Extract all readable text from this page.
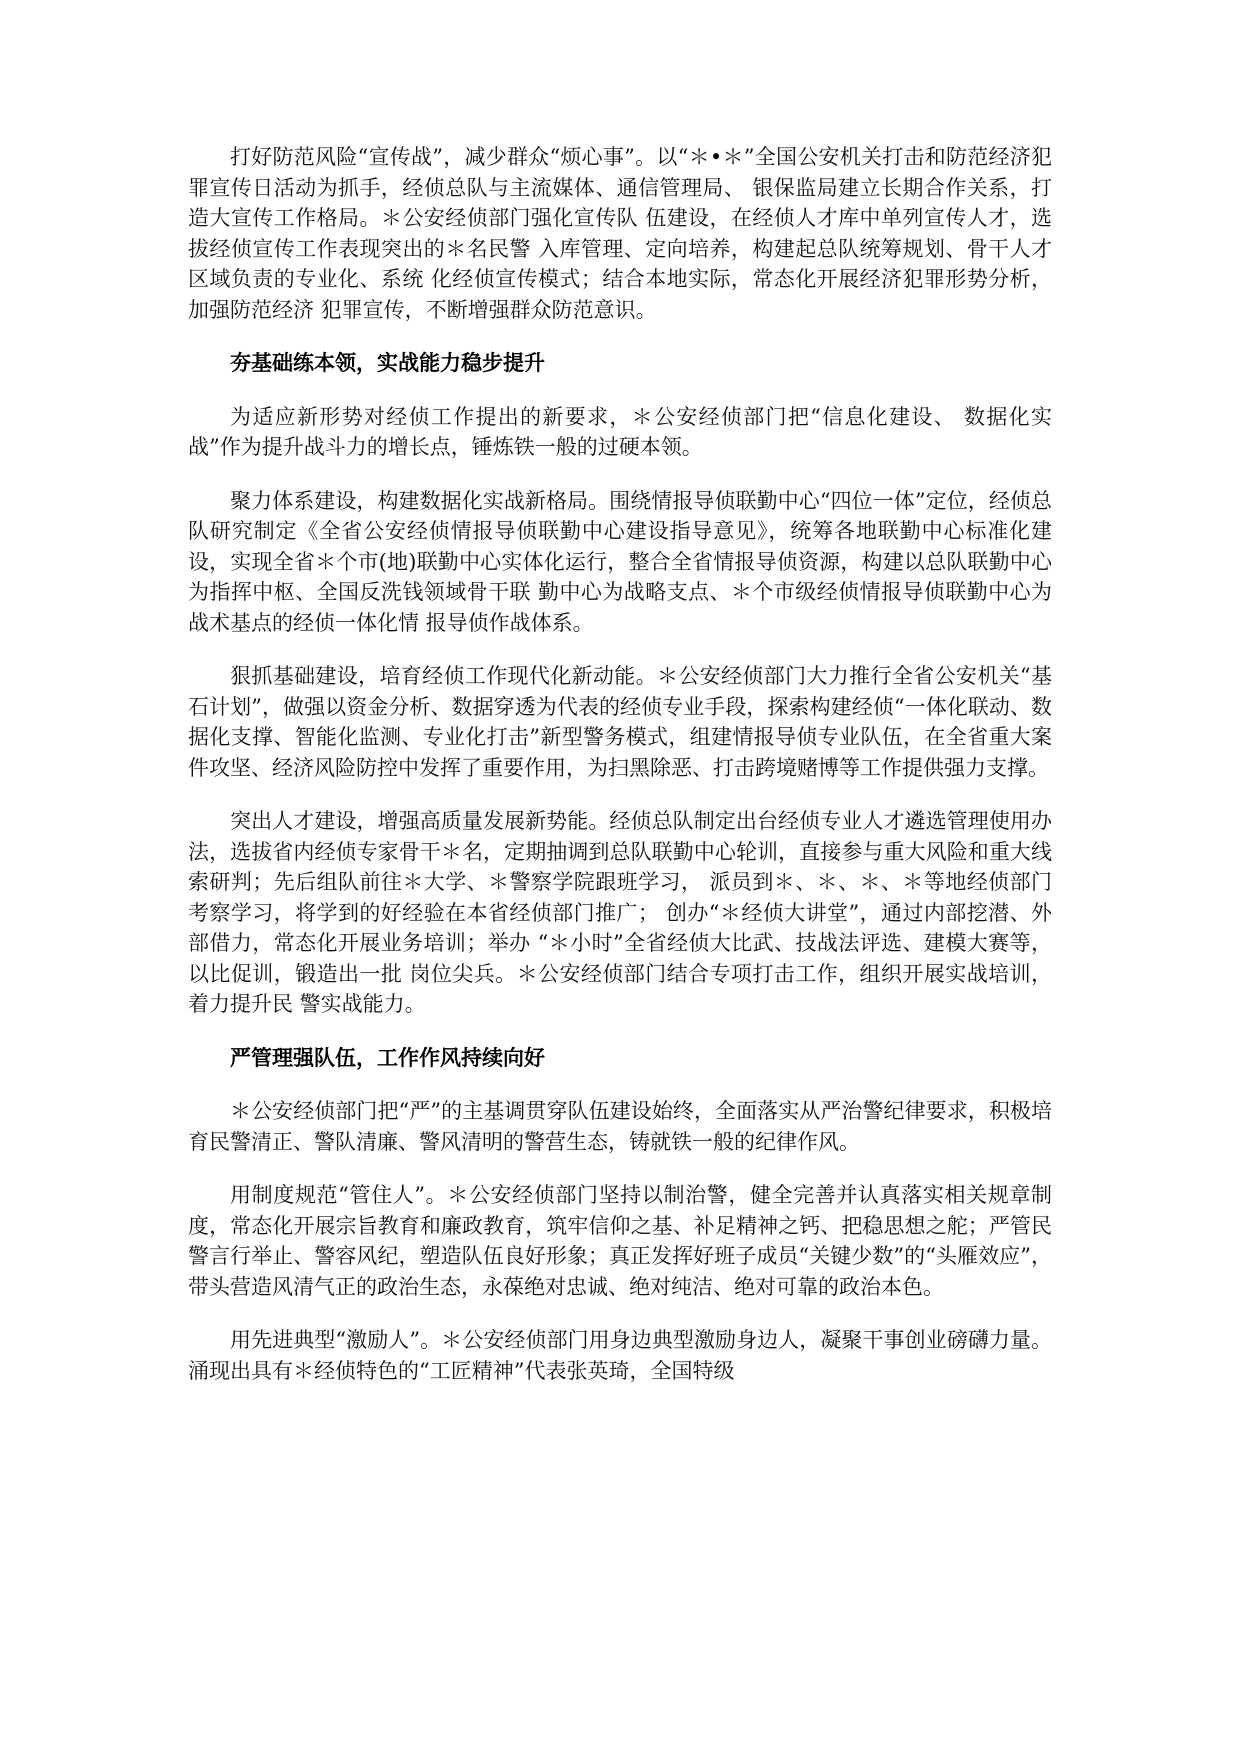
打好防范风险“宣传战”，减少群众“烦心事”。以“＊•＊”全国公安机关打击和防范经济犯罪宣传日活动为抓手，经侦总队与主流媒体、通信管理局、 银保监局建立长期合作关系，打造大宣传工作格局。＊公安经侦部门强化宣传队 伍建设，在经侦人才库中单列宣传人才，选拔经侦宣传工作表现突出的＊名民警 入库管理、定向培养，构建起总队统筹规划、骨干人才区域负责的专业化、系统 化经侦宣传模式；结合本地实际，常态化开展经济犯罪形势分析，加强防范经济 犯罪宣传，不断增强群众防范意识。

夯基础练本领，实战能力稳步提升

为适应新形势对经侦工作提出的新要求，＊公安经侦部门把“信息化建设、 数据化实战”作为提升战斗力的增长点，锤炼铁一般的过硬本领。

聚力体系建设，构建数据化实战新格局。围绕情报导侦联勤中心“四位一体”定位，经侦总队研究制定《全省公安经侦情报导侦联勤中心建设指导意见》，统筹各地联勤中心标准化建设，实现全省＊个市(地)联勤中心实体化运行，整合全省情报导侦资源，构建以总队联勤中心为指挥中枢、全国反洗钱领域骨干联 勤中心为战略支点、＊个市级经侦情报导侦联勤中心为战术基点的经侦一体化情 报导侦作战体系。

狠抓基础建设，培育经侦工作现代化新动能。＊公安经侦部门大力推行全省公安机关“基石计划”，做强以资金分析、数据穿透为代表的经侦专业手段，探索构建经侦“一体化联动、数据化支撑、智能化监测、专业化打击”新型警务模式，组建情报导侦专业队伍，在全省重大案件攻坚、经济风险防控中发挥了重要作用，为扫黑除恶、打击跨境赌博等工作提供强力支撑。

突出人才建设，增强高质量发展新势能。经侦总队制定出台经侦专业人才遴选管理使用办法，选拔省内经侦专家骨干＊名，定期抽调到总队联勤中心轮训，直接参与重大风险和重大线索研判；先后组队前往＊大学、＊警察学院跟班学习， 派员到＊、＊、＊、＊等地经侦部门考察学习，将学到的好经验在本省经侦部门推广； 创办“＊经侦大讲堂”，通过内部挖潜、外部借力，常态化开展业务培训；举办 “＊小时”全省经侦大比武、技战法评选、建模大赛等，以比促训，锻造出一批 岗位尖兵。＊公安经侦部门结合专项打击工作，组织开展实战培训，着力提升民 警实战能力。

严管理强队伍，工作作风持续向好

＊公安经侦部门把“严”的主基调贯穿队伍建设始终，全面落实从严治警纪律要求，积极培育民警清正、警队清廉、警风清明的警营生态，铸就铁一般的纪律作风。

用制度规范“管住人”。＊公安经侦部门坚持以制治警，健全完善并认真落实相关规章制度，常态化开展宗旨教育和廉政教育，筑牢信仰之基、补足精神之钙、把稳思想之舵；严管民警言行举止、警容风纪，塑造队伍良好形象；真正发挥好班子成员“关键少数”的“头雁效应”，带头营造风清气正的政治生态，永葆绝对忠诚、绝对纯洁、绝对可靠的政治本色。

用先进典型“激励人”。＊公安经侦部门用身边典型激励身边人，凝聚干事创业磅礴力量。涌现出具有＊经侦特色的“工匠精神”代表张英琦，全国特级
